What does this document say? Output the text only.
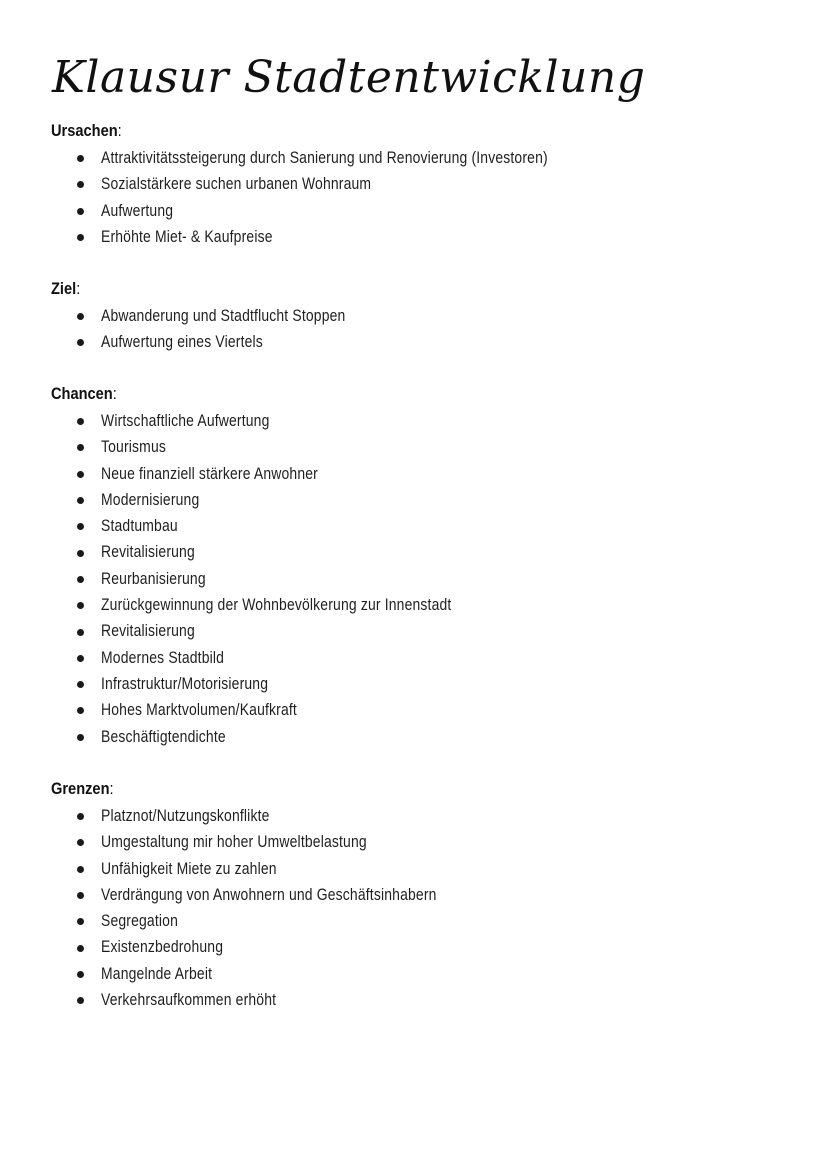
Klausur Stadtentwicklung
Ursachen:
Attraktivitätssteigerung durch Sanierung und Renovierung (Investoren)
Sozialstärkere suchen urbanen Wohnraum
Aufwertung
Erhöhte Miet- & Kaufpreise
Ziel:
Abwanderung und Stadtflucht Stoppen
Aufwertung eines Viertels
Chancen:
Wirtschaftliche Aufwertung
Tourismus
Neue finanziell stärkere Anwohner
Modernisierung
Stadtumbau
Revitalisierung
Reurbanisierung
Zurückgewinnung der Wohnbevölkerung zur Innenstadt
Revitalisierung
Modernes Stadtbild
Infrastruktur/Motorisierung
Hohes Marktvolumen/Kaufkraft
Beschäftigtendichte
Grenzen:
Platznot/Nutzungskonflikte
Umgestaltung mir hoher Umweltbelastung
Unfähigkeit Miete zu zahlen
Verdrängung von Anwohnern und Geschäftsinhabern
Segregation
Existenzbedrohung
Mangelnde Arbeit
Verkehrsaufkommen erhöht
